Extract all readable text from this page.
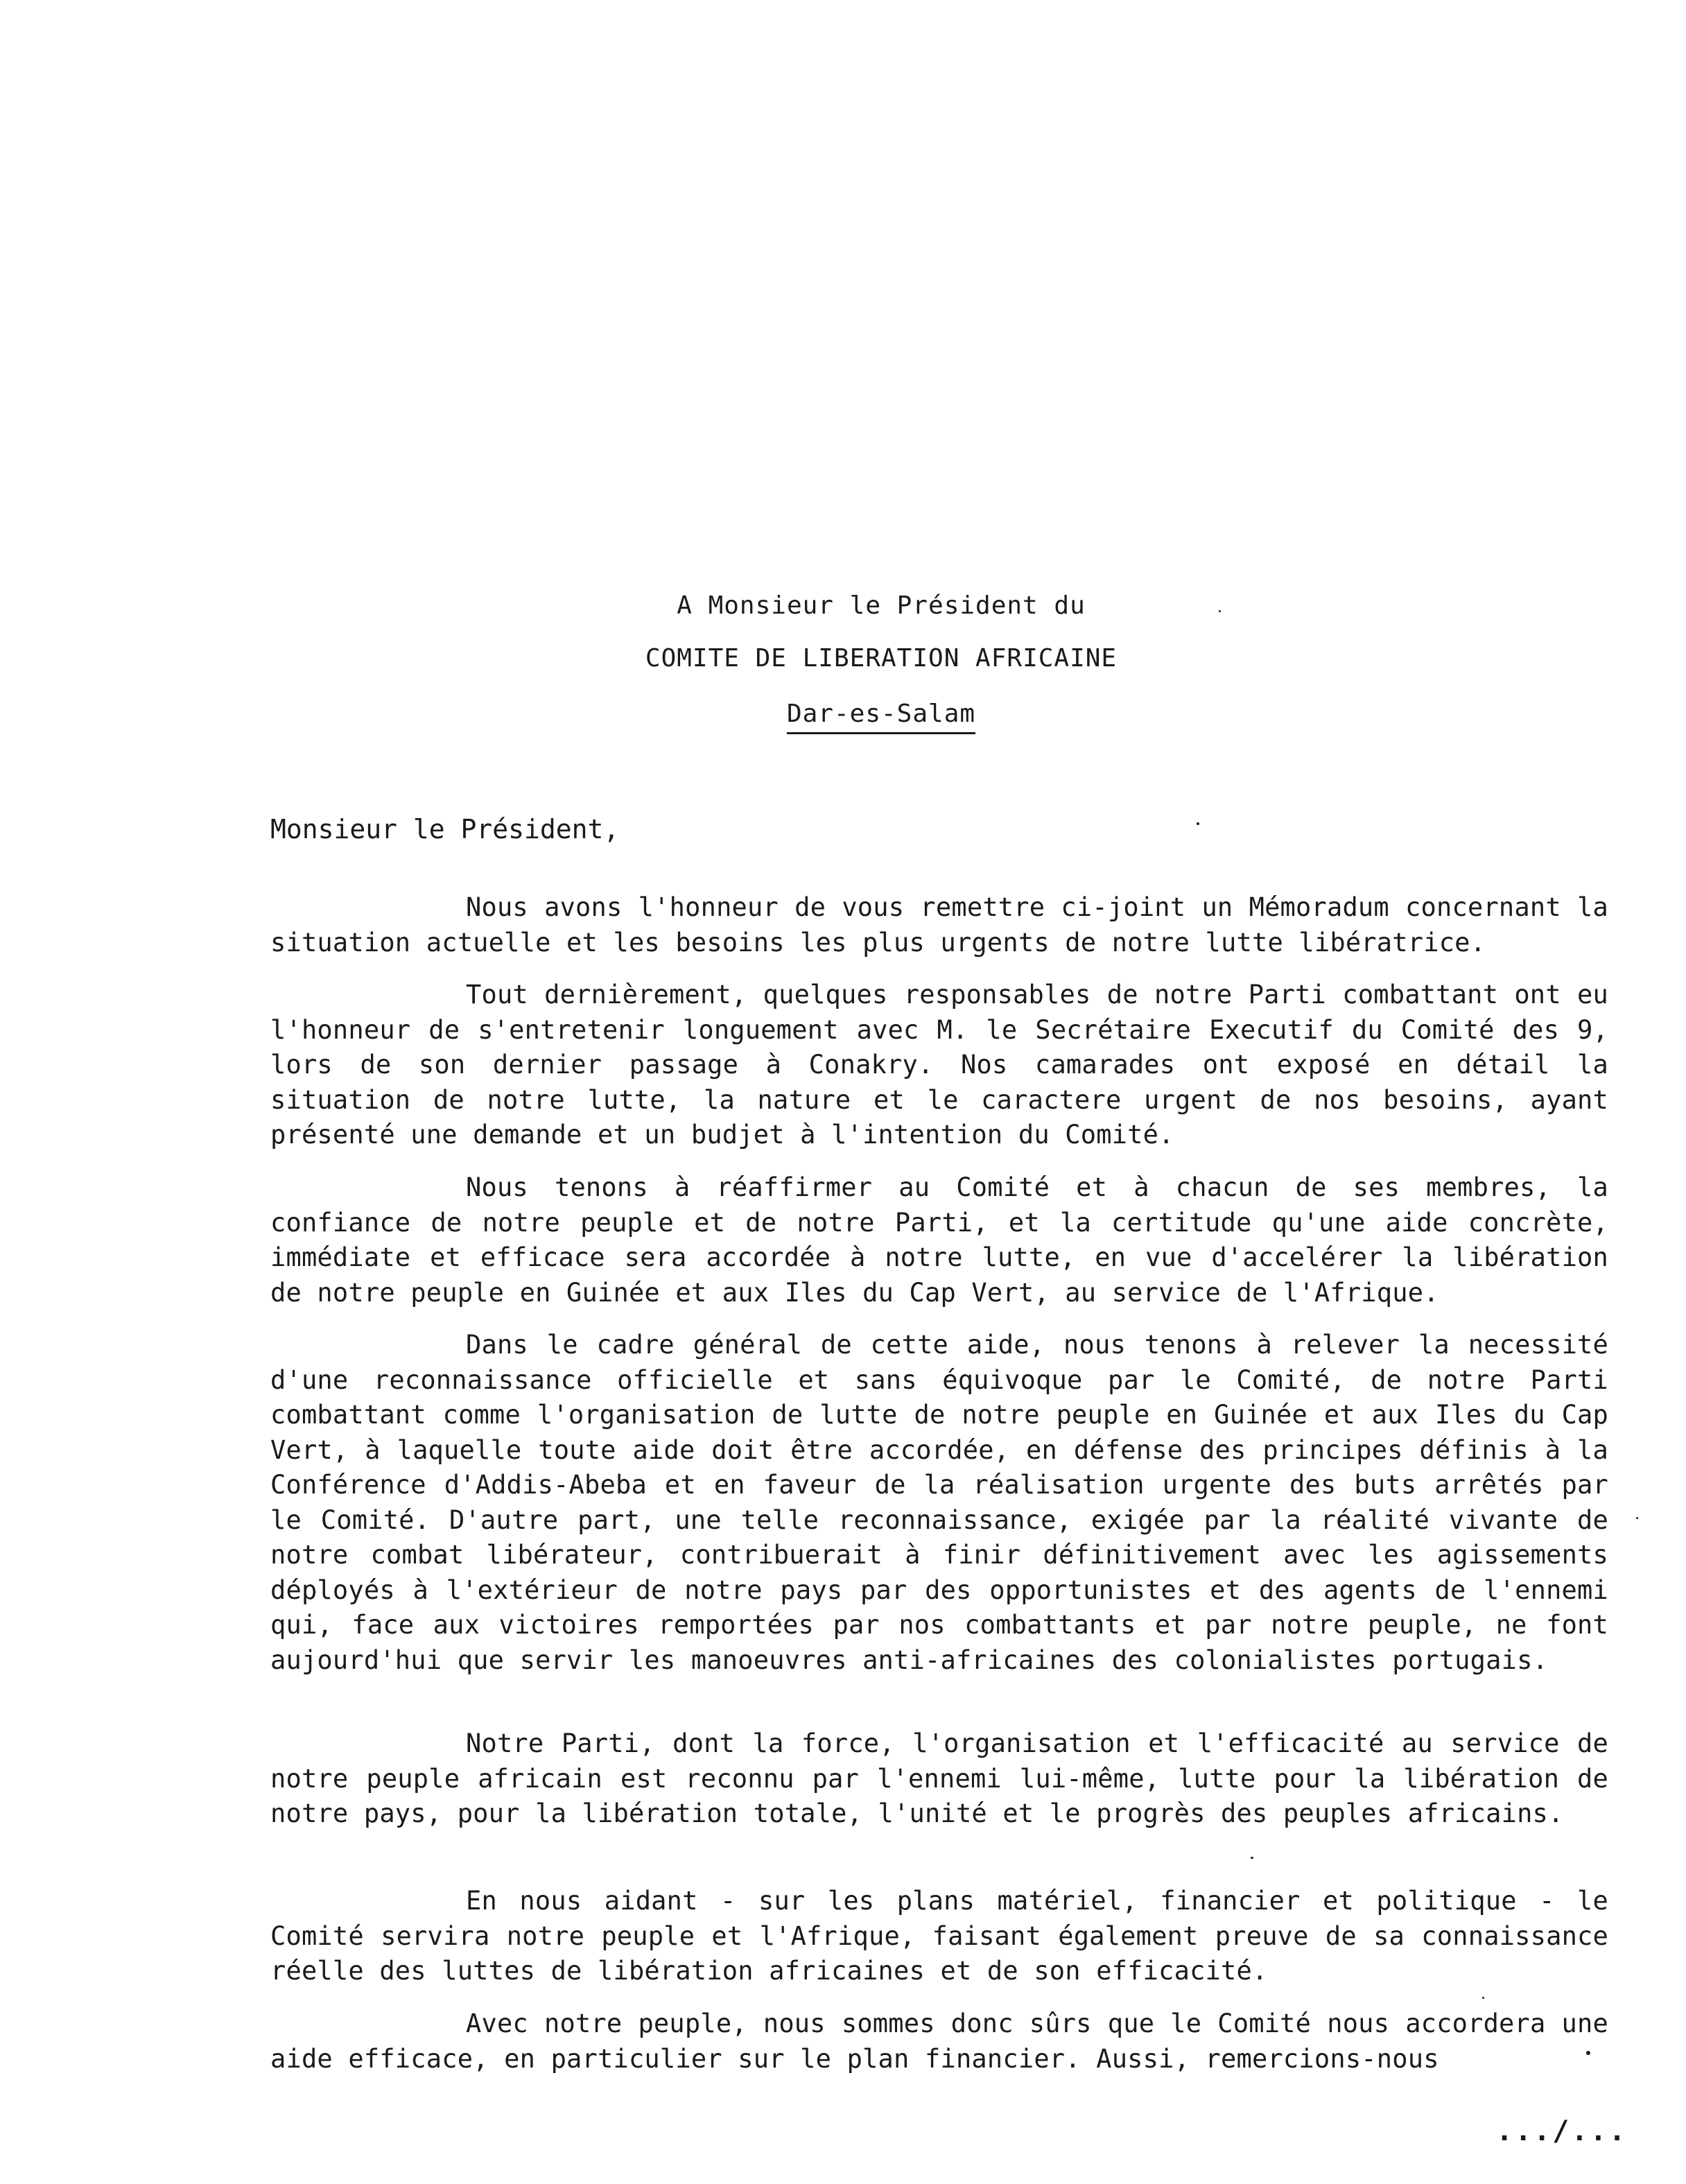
A Monsieur le Président du
COMITE DE LIBERATION AFRICAINE
Dar-es-Salam
Monsieur le Président,

Nous avons l'honneur de vous remettre ci-joint un Mémoradum concernant la situation actuelle et les besoins les plus urgents de notre lutte libératrice.

Tout dernièrement, quelques responsables de notre Parti combattant ont eu l'honneur de s'entretenir longuement avec M. le Secrétaire Executif du Comité des 9, lors de son dernier passage à Conakry. Nos camarades ont exposé en détail la situation de notre lutte, la nature et le caractere urgent de nos besoins, ayant présenté une demande et un budjet à l'intention du Comité.

Nous tenons à réaffirmer au Comité et à chacun de ses membres, la confiance de notre peuple et de notre Parti, et la certitude qu'une aide concrète, immédiate et efficace sera accordée à notre lutte, en vue d'accelérer la libération de notre peuple en Guinée et aux Iles du Cap Vert, au service de l'Afrique.

Dans le cadre général de cette aide, nous tenons à relever la necessité d'une reconnaissance officielle et sans équivoque par le Comité, de notre Parti combattant comme l'organisation de lutte de notre peuple en Guinée et aux Iles du Cap Vert, à laquelle toute aide doit être accordée, en défense des principes définis à la Conférence d'Addis-Abeba et en faveur de la réalisation urgente des buts arrêtés par le Comité. D'autre part, une telle reconnaissance, exigée par la réalité vivante de notre combat libérateur, contribuerait à finir définitivement avec les agissements déployés à l'extérieur de notre pays par des opportunistes et des agents de l'ennemi qui, face aux victoires remportées par nos combattants et par notre peuple, ne font aujourd'hui que servir les manoeuvres anti-africaines des colonialistes portugais.

Notre Parti, dont la force, l'organisation et l'efficacité au service de notre peuple africain est reconnu par l'ennemi lui-même, lutte pour la libération de notre pays, pour la libération totale, l'unité et le progrès des peuples africains.

En nous aidant - sur les plans matériel, financier et politique - le Comité servira notre peuple et l'Afrique, faisant également preuve de sa connaissance réelle des luttes de libération africaines et de son efficacité.

Avec notre peuple, nous sommes donc sûrs que le Comité nous accordera une aide efficace, en particulier sur le plan financier. Aussi, remercions-nous

.../...
